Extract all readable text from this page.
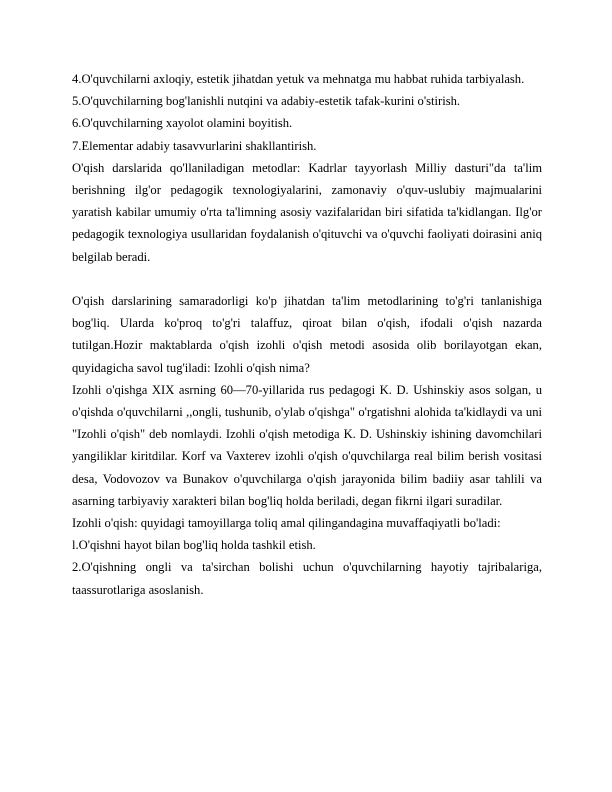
4.O'quvchilarni axloqiy, estetik jihatdan yetuk va mehnatga mu habbat ruhida tarbiyalash.

5.O'quvchilarning bog'lanishli nutqini va adabiy-estetik tafak-kurini o'stirish.

6.O'quvchilarning xayolot olamini boyitish.

7.Elementar adabiy tasavvurlarini shakllantirish.

O'qish darslarida qo'llaniladigan metodlar: Kadrlar tayyorlash Milliy dasturi"da ta'lim berishning ilg'or pedagogik texnologiyalarini, zamonaviy o'quv-uslubiy majmualarini yaratish kabilar umumiy o'rta ta'limning asosiy vazifalaridan biri sifatida ta'kidlangan. Ilg'or pedagogik texnologiya usullaridan foydalanish o'qituvchi va o'quvchi faoliyati doirasini aniq belgilab beradi.

O'qish darslarining samaradorligi ko'p jihatdan ta'lim metodlarining to'g'ri tanlanishiga bog'liq. Ularda ko'proq to'g'ri talaffuz, qiroat bilan o'qish, ifodali o'qish nazarda tutilgan.Hozir maktablarda o'qish izohli o'qish metodi asosida olib borilayotgan ekan, quyidagicha savol tug'iladi: Izohli o'qish nima?

Izohli o'qishga XIX asrning 60—70-yillarida rus pedagogi K. D. Ushinskiy asos solgan, u o'qishda o'quvchilarni ,,ongli, tushunib, o'ylab o'qishga" o'rgatishni alohida ta'kidlaydi va uni "Izohli o'qish" deb nomlaydi. Izohli o'qish metodiga K. D. Ushinskiy ishining davomchilari yangiliklar kiritdilar. Korf va Vaxterev izohli o'qish o'quvchilarga real bilim berish vositasi desa, Vodovozov va Bunakov o'quvchilarga o'qish jarayonida bilim badiiy asar tahlili va asarning tarbiyaviy xarakteri bilan bog'liq holda beriladi, degan fikrni ilgari suradilar.

Izohli o'qish: quyidagi tamoyillarga toliq amal qilingandagina muvaffaqiyatli bo'ladi:

l.O'qishni hayot bilan bog'liq holda tashkil etish.

2.O'qishning ongli va ta'sirchan bolishi uchun o'quvchilarning hayotiy tajribalariga, taassurotlariga asoslanish.
